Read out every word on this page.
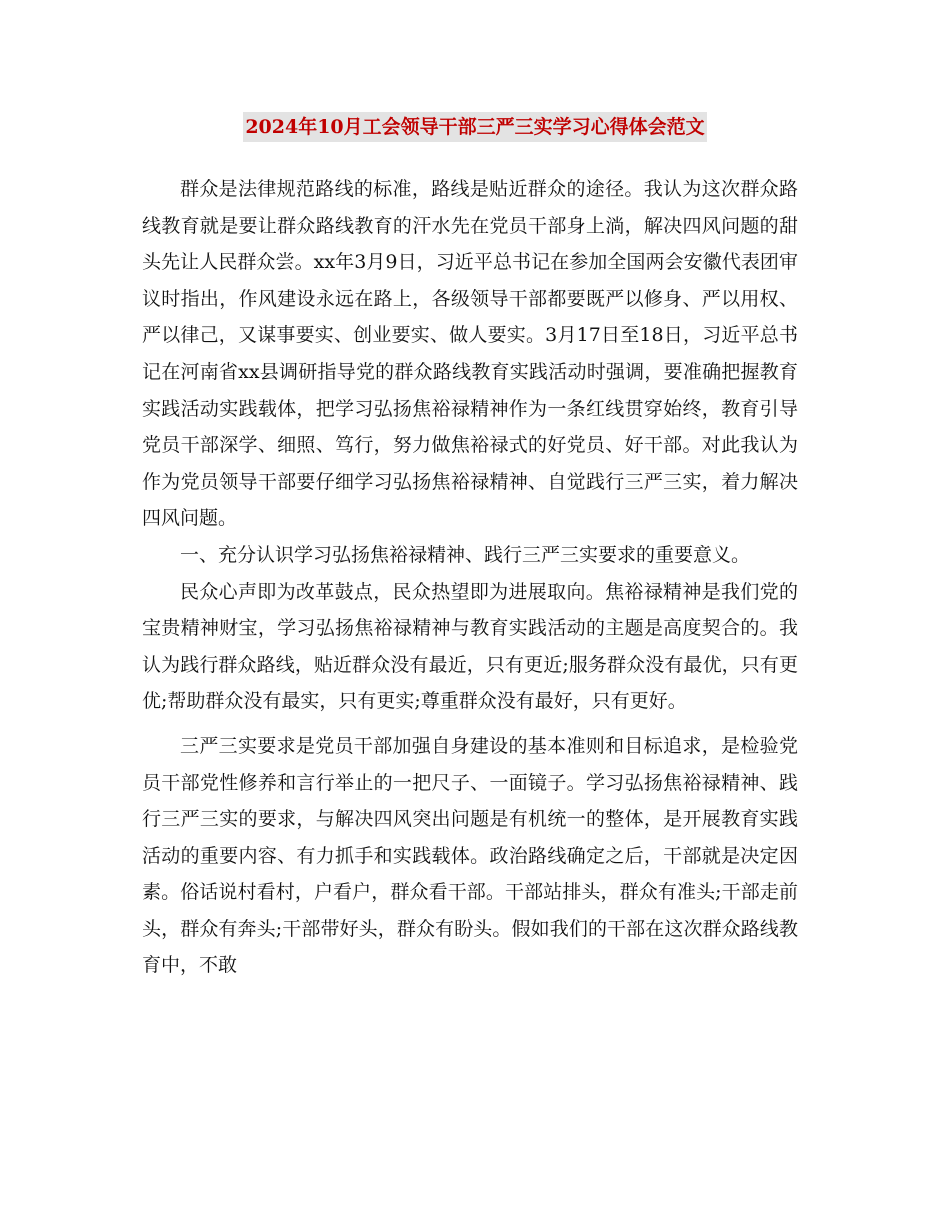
2024年10月工会领导干部三严三实学习心得体会范文

群众是法律规范路线的标准，路线是贴近群众的途径。我认为这次群众路线教育就是要让群众路线教育的汗水先在党员干部身上淌，解决四风问题的甜头先让人民群众尝。xx年3月9日，习近平总书记在参加全国两会安徽代表团审议时指出，作风建设永远在路上，各级领导干部都要既严以修身、严以用权、严以律己，又谋事要实、创业要实、做人要实。3月17日至18日，习近平总书记在河南省xx县调研指导党的群众路线教育实践活动时强调，要准确把握教育实践活动实践载体，把学习弘扬焦裕禄精神作为一条红线贯穿始终，教育引导党员干部深学、细照、笃行，努力做焦裕禄式的好党员、好干部。对此我认为作为党员领导干部要仔细学习弘扬焦裕禄精神、自觉践行三严三实，着力解决四风问题。

一、充分认识学习弘扬焦裕禄精神、践行三严三实要求的重要意义。

民众心声即为改革鼓点，民众热望即为进展取向。焦裕禄精神是我们党的宝贵精神财宝，学习弘扬焦裕禄精神与教育实践活动的主题是高度契合的。我认为践行群众路线，贴近群众没有最近，只有更近;服务群众没有最优，只有更优;帮助群众没有最实，只有更实;尊重群众没有最好，只有更好。

三严三实要求是党员干部加强自身建设的基本准则和目标追求，是检验党员干部党性修养和言行举止的一把尺子、一面镜子。学习弘扬焦裕禄精神、践行三严三实的要求，与解决四风突出问题是有机统一的整体，是开展教育实践活动的重要内容、有力抓手和实践载体。政治路线确定之后，干部就是决定因素。俗话说村看村，户看户，群众看干部。干部站排头，群众有准头;干部走前头，群众有奔头;干部带好头，群众有盼头。假如我们的干部在这次群众路线教育中，不敢
